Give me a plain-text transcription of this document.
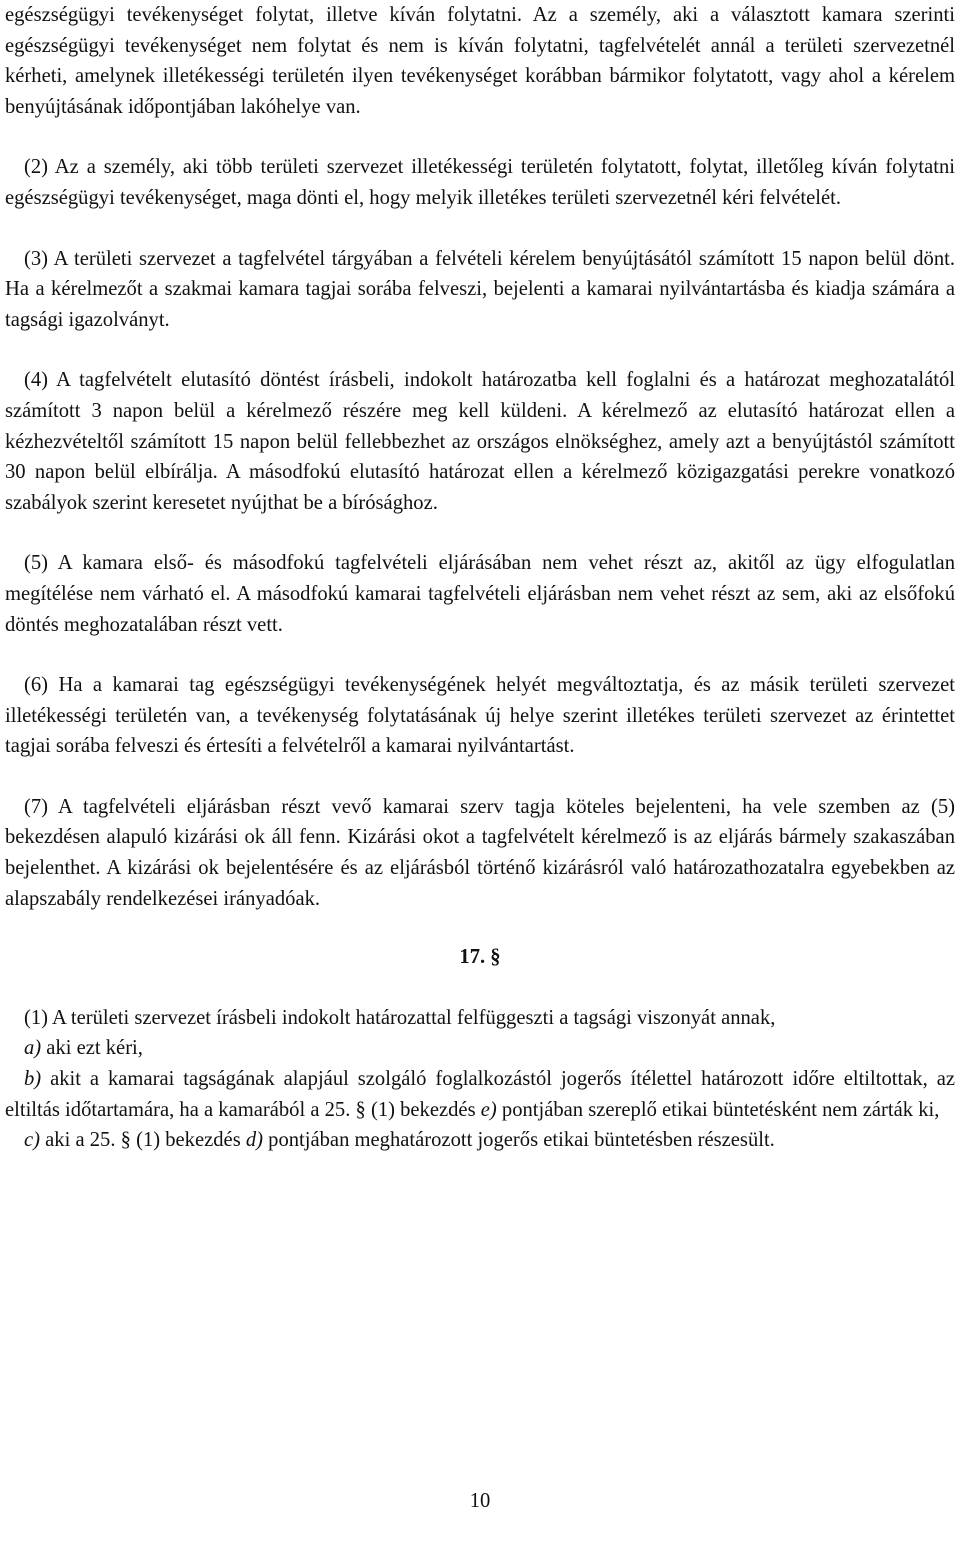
egészségügyi tevékenységet folytat, illetve kíván folytatni. Az a személy, aki a választott kamara szerinti egészségügyi tevékenységet nem folytat és nem is kíván folytatni, tagfelvételét annál a területi szervezetnél kérheti, amelynek illetékességi területén ilyen tevékenységet korábban bármikor folytatott, vagy ahol a kérelem benyújtásának időpontjában lakóhelye van.

(2) Az a személy, aki több területi szervezet illetékességi területén folytatott, folytat, illetőleg kíván folytatni egészségügyi tevékenységet, maga dönti el, hogy melyik illetékes területi szervezetnél kéri felvételét.

(3) A területi szervezet a tagfelvétel tárgyában a felvételi kérelem benyújtásától számított 15 napon belül dönt. Ha a kérelmezőt a szakmai kamara tagjai sorába felveszi, bejelenti a kamarai nyilvántartásba és kiadja számára a tagsági igazolványt.

(4) A tagfelvételt elutasító döntést írásbeli, indokolt határozatba kell foglalni és a határozat meghozatalától számított 3 napon belül a kérelmező részére meg kell küldeni. A kérelmező az elutasító határozat ellen a kézhezvételtől számított 15 napon belül fellebbezhet az országos elnökséghez, amely azt a benyújtástól számított 30 napon belül elbírálja. A másodfokú elutasító határozat ellen a kérelmező közigazgatási perekre vonatkozó szabályok szerint keresetet nyújthat be a bírósághoz.

(5) A kamara első- és másodfokú tagfelvételi eljárásában nem vehet részt az, akitől az ügy elfogulatlan megítélése nem várható el. A másodfokú kamarai tagfelvételi eljárásban nem vehet részt az sem, aki az elsőfokú döntés meghozatalában részt vett.

(6) Ha a kamarai tag egészségügyi tevékenységének helyét megváltoztatja, és az másik területi szervezet illetékességi területén van, a tevékenység folytatásának új helye szerint illetékes területi szervezet az érintettet tagjai sorába felveszi és értesíti a felvételről a kamarai nyilvántartást.

(7) A tagfelvételi eljárásban részt vevő kamarai szerv tagja köteles bejelenteni, ha vele szemben az (5) bekezdésen alapuló kizárási ok áll fenn. Kizárási okot a tagfelvételt kérelmező is az eljárás bármely szakaszában bejelenthet. A kizárási ok bejelentésére és az eljárásból történő kizárásról való határozathozatalra egyebekben az alapszabály rendelkezései irányadóak.

17. §

(1) A területi szervezet írásbeli indokolt határozattal felfüggeszti a tagsági viszonyát annak,

a) aki ezt kéri,

b) akit a kamarai tagságának alapjául szolgáló foglalkozástól jogerős ítélettel határozott időre eltiltottak, az eltiltás időtartamára, ha a kamarából a 25. § (1) bekezdés e) pontjában szereplő etikai büntetésként nem zárták ki,

c) aki a 25. § (1) bekezdés d) pontjában meghatározott jogerős etikai büntetésben részesült.

10
